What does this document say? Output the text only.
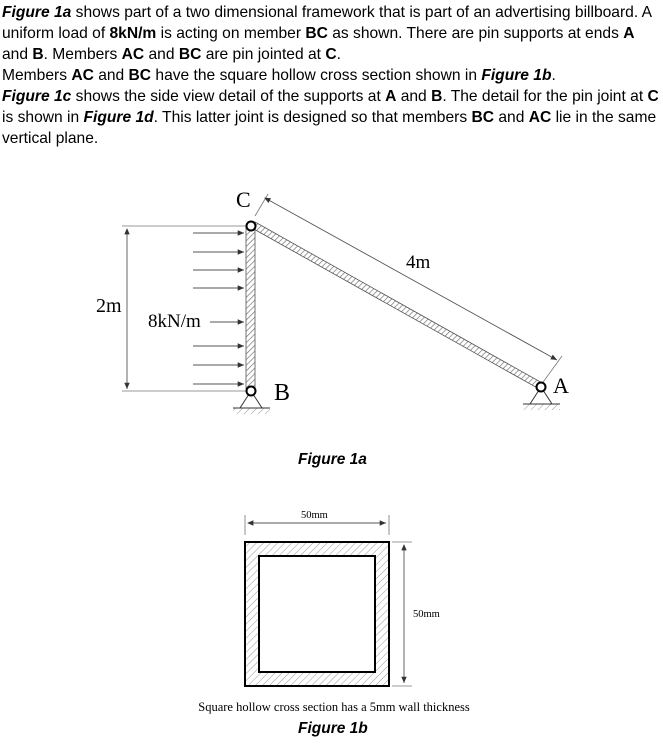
Figure 1a shows part of a two dimensional framework that is part of an advertising billboard. A uniform load of 8kN/m is acting on member BC as shown. There are pin supports at ends A and B. Members AC and BC are pin jointed at C.

Members AC and BC have the square hollow cross section shown in Figure 1b.

Figure 1c shows the side view detail of the supports at A and B. The detail for the pin joint at C is shown in Figure 1d. This latter joint is designed so that members BC and AC lie in the same vertical plane.

2m
8kN/m
4m
C
B	A
Figure 1a
50mm
50mm
Square hollow cross section has a 5mm wall thickness
Figure 1b
